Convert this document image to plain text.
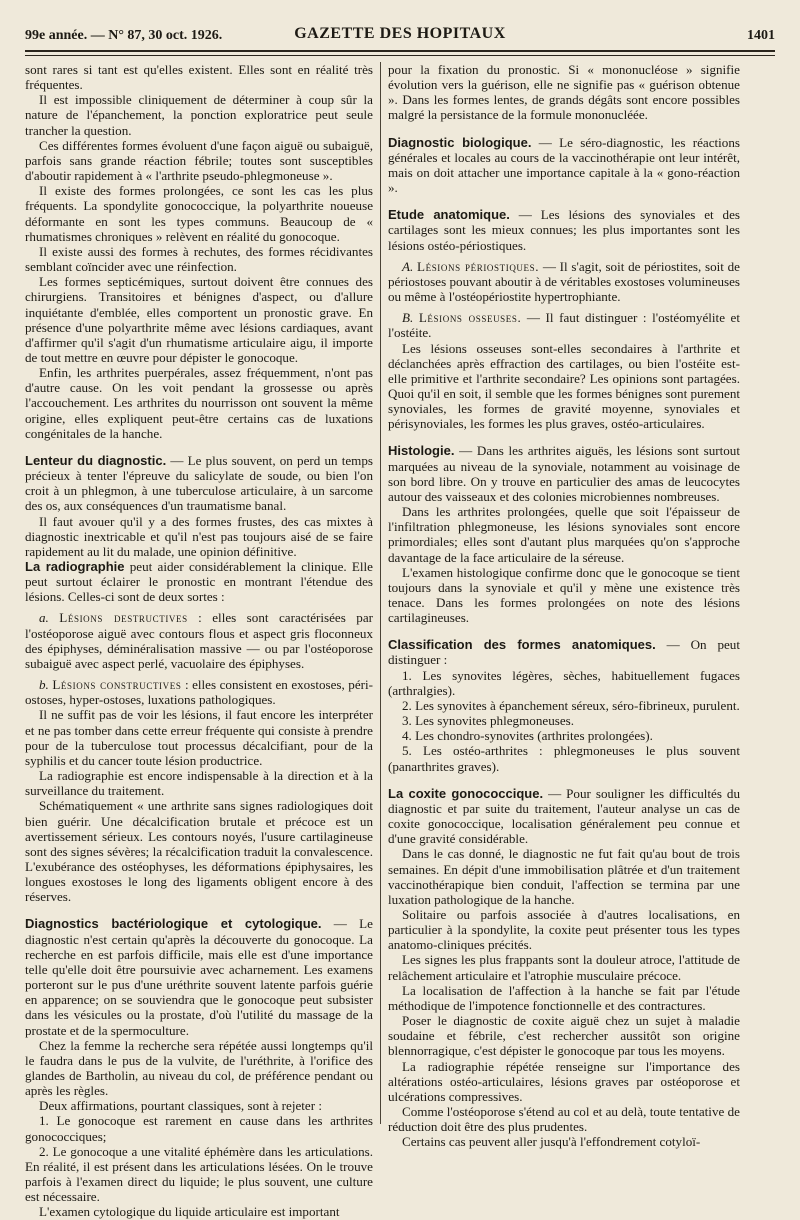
99e année. — N° 87, 30 oct. 1926.	GAZETTE DES HOPITAUX	1401

sont rares si tant est qu'elles existent. Elles sont en réalité très fréquentes.

Il est impossible cliniquement de déterminer à coup sûr la nature de l'épanchement, la ponction exploratrice peut seule trancher la question.

Ces différentes formes évoluent d'une façon aiguë ou subaiguë, parfois sans grande réaction fébrile; toutes sont susceptibles d'aboutir rapidement à « l'arthrite pseudo-phlegmoneuse ».

Il existe des formes prolongées, ce sont les cas les plus fréquents. La spondylite gonococcique, la polyarthrite noueuse déformante en sont les types communs. Beaucoup de « rhumatismes chroniques » relèvent en réalité du gonocoque.

Il existe aussi des formes à rechutes, des formes récidivantes semblant coïncider avec une réinfection.

Les formes septicémiques, surtout doivent être connues des chirurgiens. Transitoires et bénignes d'aspect, ou d'allure inquiétante d'emblée, elles comportent un pronostic grave. En présence d'une polyarthrite même avec lésions cardiaques, avant d'affirmer qu'il s'agit d'un rhumatisme articulaire aigu, il importe de tout mettre en œuvre pour dépister le gonocoque.

Enfin, les arthrites puerpérales, assez fréquemment, n'ont pas d'autre cause. On les voit pendant la grossesse ou après l'accouchement. Les arthrites du nourrisson ont souvent la même origine, elles expliquent peut-être certains cas de luxations congénitales de la hanche.

Lenteur du diagnostic. — Le plus souvent, on perd un temps précieux à tenter l'épreuve du salicylate de soude, ou bien l'on croit à un phlegmon, à une tuberculose articulaire, à un sarcome des os, aux conséquences d'un traumatisme banal.

Il faut avouer qu'il y a des formes frustes, des cas mixtes à diagnostic inextricable et qu'il n'est pas toujours aisé de se faire rapidement au lit du malade, une opinion définitive.

La radiographie peut aider considérablement la clinique. Elle peut surtout éclairer le pronostic en montrant l'étendue des lésions. Celles-ci sont de deux sortes :

a. Lésions destructives : elles sont caractérisées par l'ostéoporose aiguë avec contours flous et aspect gris floconneux des épiphyses, déminéralisation massive — ou par l'ostéoporose subaiguë avec aspect perlé, vacuolaire des épiphyses.

b. Lésions constructives : elles consistent en exostoses, péri-ostoses, hyper-ostoses, luxations pathologiques.

Il ne suffit pas de voir les lésions, il faut encore les interpréter et ne pas tomber dans cette erreur fréquente qui consiste à prendre pour de la tuberculose tout processus décalcifiant, pour de la syphilis et du cancer toute lésion productrice.

La radiographie est encore indispensable à la direction et à la surveillance du traitement.

Schématiquement « une arthrite sans signes radiologiques doit bien guérir. Une décalcification brutale et précoce est un avertissement sérieux. Les contours noyés, l'usure cartilagineuse sont des signes sévères; la récalcification traduit la convalescence. L'exubérance des ostéophyses, les déformations épiphysaires, les longues exostoses le long des ligaments obligent encore à des réserves.

Diagnostics bactériologique et cytologique. — Le diagnostic n'est certain qu'après la découverte du gonocoque. La recherche en est parfois difficile, mais elle est d'une importance telle qu'elle doit être poursuivie avec acharnement. Les examens porteront sur le pus d'une uréthrite souvent latente parfois guérie en apparence; on se souviendra que le gonocoque peut subsister dans les vésicules ou la prostate, d'où l'utilité du massage de la prostate et de la spermoculture.

Chez la femme la recherche sera répétée aussi longtemps qu'il le faudra dans le pus de la vulvite, de l'uréthrite, à l'orifice des glandes de Bartholin, au niveau du col, de préférence pendant ou après les règles.

Deux affirmations, pourtant classiques, sont à rejeter :

1. Le gonocoque est rarement en cause dans les arthrites gonococciques;

2. Le gonocoque a une vitalité éphémère dans les articulations. En réalité, il est présent dans les articulations lésées. On le trouve parfois à l'examen direct du liquide; le plus souvent, une culture est nécessaire.

L'examen cytologique du liquide articulaire est important

pour la fixation du pronostic. Si « mononucléose » signifie évolution vers la guérison, elle ne signifie pas « guérison obtenue ». Dans les formes lentes, de grands dégâts sont encore possibles malgré la persistance de la formule mononucléée.

Diagnostic biologique. — Le séro-diagnostic, les réactions générales et locales au cours de la vaccinothérapie ont leur intérêt, mais on doit attacher une importance capitale à la « gono-réaction ».

Etude anatomique. — Les lésions des synoviales et des cartilages sont les mieux connues; les plus importantes sont les lésions ostéo-périostiques.

A. Lésions périostiques. — Il s'agit, soit de périostites, soit de périostoses pouvant aboutir à de véritables exostoses volumineuses ou même à l'ostéopériostite hypertrophiante.

B. Lésions osseuses. — Il faut distinguer : l'ostéomyélite et l'ostéite.

Les lésions osseuses sont-elles secondaires à l'arthrite et déclanchées après effraction des cartilages, ou bien l'ostéite est-elle primitive et l'arthrite secondaire? Les opinions sont partagées. Quoi qu'il en soit, il semble que les formes bénignes sont purement synoviales, les formes de gravité moyenne, synoviales et périsynoviales, les formes les plus graves, ostéo-articulaires.

Histologie. — Dans les arthrites aiguës, les lésions sont surtout marquées au niveau de la synoviale, notamment au voisinage de son bord libre. On y trouve en particulier des amas de leucocytes autour des vaisseaux et des colonies microbiennes nombreuses.

Dans les arthrites prolongées, quelle que soit l'épaisseur de l'infiltration phlegmoneuse, les lésions synoviales sont encore primordiales; elles sont d'autant plus marquées qu'on s'approche davantage de la face articulaire de la séreuse.

L'examen histologique confirme donc que le gonocoque se tient toujours dans la synoviale et qu'il y mène une existence très tenace. Dans les formes prolongées on note des lésions cartilagineuses.

Classification des formes anatomiques. — On peut distinguer :

1. Les synovites légères, sèches, habituellement fugaces (arthralgies).

2. Les synovites à épanchement séreux, séro-fibrineux, purulent.

3. Les synovites phlegmoneuses.

4. Les chondro-synovites (arthrites prolongées).

5. Les ostéo-arthrites : phlegmoneuses le plus souvent (panarthrites graves).

La coxite gonococcique. — Pour souligner les difficultés du diagnostic et par suite du traitement, l'auteur analyse un cas de coxite gonococcique, localisation généralement peu connue et d'une gravité considérable.

Dans le cas donné, le diagnostic ne fut fait qu'au bout de trois semaines. En dépit d'une immobilisation plâtrée et d'un traitement vaccinothérapique bien conduit, l'affection se termina par une luxation pathologique de la hanche.

Solitaire ou parfois associée à d'autres localisations, en particulier à la spondylite, la coxite peut présenter tous les types anatomo-cliniques précités.

Les signes les plus frappants sont la douleur atroce, l'attitude de relâchement articulaire et l'atrophie musculaire précoce.

La localisation de l'affection à la hanche se fait par l'étude méthodique de l'impotence fonctionnelle et des contractures.

Poser le diagnostic de coxite aiguë chez un sujet à maladie soudaine et fébrile, c'est rechercher aussitôt son origine blennorragique, c'est dépister le gonocoque par tous les moyens.

La radiographie répétée renseigne sur l'importance des altérations ostéo-articulaires, lésions graves par ostéoporose et ulcérations compressives.

Comme l'ostéoporose s'étend au col et au delà, toute tentative de réduction doit être des plus prudentes.

Certains cas peuvent aller jusqu'à l'effondrement cotyloï-
